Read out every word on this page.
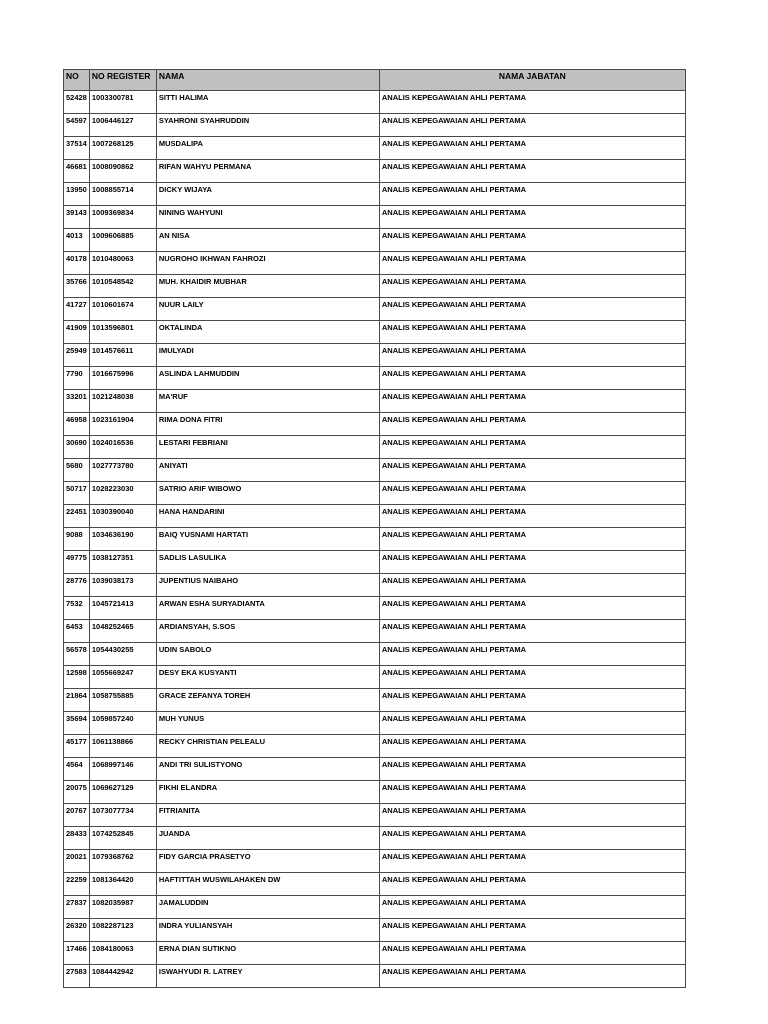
NO	NO REGISTER	NAMA	NAMA JABATAN
52428	1003300781	SITTI HALIMA	ANALIS KEPEGAWAIAN AHLI PERTAMA
54597	1006446127	SYAHRONI SYAHRUDDIN	ANALIS KEPEGAWAIAN AHLI PERTAMA
37514	1007268125	MUSDALIPA	ANALIS KEPEGAWAIAN AHLI PERTAMA
46681	1008090862	RIFAN WAHYU PERMANA	ANALIS KEPEGAWAIAN AHLI PERTAMA
13950	1008855714	DICKY WIJAYA	ANALIS KEPEGAWAIAN AHLI PERTAMA
39143	1009369834	NINING WAHYUNI	ANALIS KEPEGAWAIAN AHLI PERTAMA
4013	1009606885	AN NISA	ANALIS KEPEGAWAIAN AHLI PERTAMA
40178	1010480063	NUGROHO IKHWAN FAHROZI	ANALIS KEPEGAWAIAN AHLI PERTAMA
35766	1010548542	MUH. KHAIDIR MUBHAR	ANALIS KEPEGAWAIAN AHLI PERTAMA
41727	1010601674	NUUR LAILY	ANALIS KEPEGAWAIAN AHLI PERTAMA
41909	1013596801	OKTALINDA	ANALIS KEPEGAWAIAN AHLI PERTAMA
25949	1014576611	IMULYADI	ANALIS KEPEGAWAIAN AHLI PERTAMA
7790	1016675996	ASLINDA LAHMUDDIN	ANALIS KEPEGAWAIAN AHLI PERTAMA
33201	1021248038	MA'RUF	ANALIS KEPEGAWAIAN AHLI PERTAMA
46958	1023161904	RIMA DONA FITRI	ANALIS KEPEGAWAIAN AHLI PERTAMA
30690	1024016536	LESTARI FEBRIANI	ANALIS KEPEGAWAIAN AHLI PERTAMA
5680	1027773780	ANIYATI	ANALIS KEPEGAWAIAN AHLI PERTAMA
50717	1028223030	SATRIO ARIF WIBOWO	ANALIS KEPEGAWAIAN AHLI PERTAMA
22451	1030390040	HANA HANDARINI	ANALIS KEPEGAWAIAN AHLI PERTAMA
9088	1034636190	BAIQ YUSNAMI HARTATI	ANALIS KEPEGAWAIAN AHLI PERTAMA
49775	1038127351	SADLIS LASULIKA	ANALIS KEPEGAWAIAN AHLI PERTAMA
28776	1039038173	JUPENTIUS NAIBAHO	ANALIS KEPEGAWAIAN AHLI PERTAMA
7532	1045721413	ARWAN ESHA SURYADIANTA	ANALIS KEPEGAWAIAN AHLI PERTAMA
6453	1048252465	ARDIANSYAH, S.SOS	ANALIS KEPEGAWAIAN AHLI PERTAMA
56578	1054430255	UDIN SABOLO	ANALIS KEPEGAWAIAN AHLI PERTAMA
12598	1055669247	DESY EKA KUSYANTI	ANALIS KEPEGAWAIAN AHLI PERTAMA
21864	1058755885	GRACE ZEFANYA TOREH	ANALIS KEPEGAWAIAN AHLI PERTAMA
35694	1059857240	MUH YUNUS	ANALIS KEPEGAWAIAN AHLI PERTAMA
45177	1061138866	RECKY CHRISTIAN PELEALU	ANALIS KEPEGAWAIAN AHLI PERTAMA
4564	1068997146	ANDI TRI SULISTYONO	ANALIS KEPEGAWAIAN AHLI PERTAMA
20075	1069627129	FIKHI ELANDRA	ANALIS KEPEGAWAIAN AHLI PERTAMA
20767	1073077734	FITRIANITA	ANALIS KEPEGAWAIAN AHLI PERTAMA
28433	1074252845	JUANDA	ANALIS KEPEGAWAIAN AHLI PERTAMA
20021	1079368762	FIDY GARCIA PRASETYO	ANALIS KEPEGAWAIAN AHLI PERTAMA
22259	1081364420	HAFTITTAH WUSWILAHAKEN DW	ANALIS KEPEGAWAIAN AHLI PERTAMA
27837	1082035987	JAMALUDDIN	ANALIS KEPEGAWAIAN AHLI PERTAMA
26320	1082287123	INDRA YULIANSYAH	ANALIS KEPEGAWAIAN AHLI PERTAMA
17466	1084180063	ERNA DIAN SUTIKNO	ANALIS KEPEGAWAIAN AHLI PERTAMA
27583	1084442942	ISWAHYUDI R. LATREY	ANALIS KEPEGAWAIAN AHLI PERTAMA
